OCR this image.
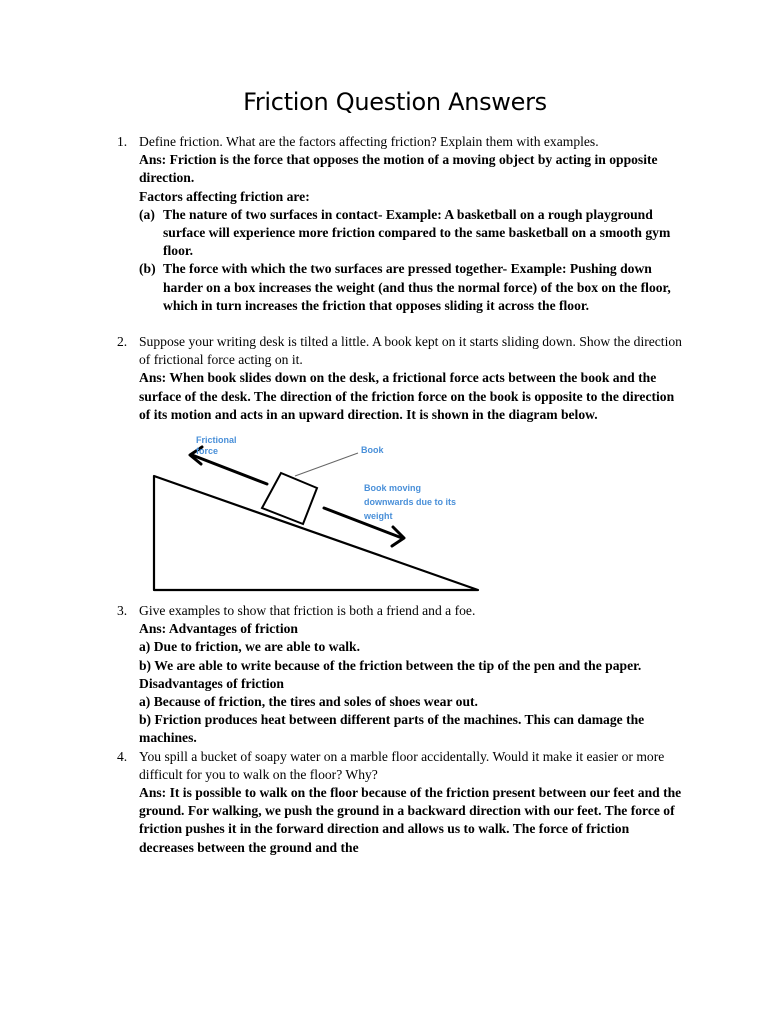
Friction Question Answers
1. Define friction. What are the factors affecting friction? Explain them with examples.
Ans: Friction is the force that opposes the motion of a moving object by acting in opposite direction.
Factors affecting friction are:
(a) The nature of two surfaces in contact- Example: A basketball on a rough playground surface will experience more friction compared to the same basketball on a smooth gym floor.
(b) The force with which the two surfaces are pressed together- Example: Pushing down harder on a box increases the weight (and thus the normal force) of the box on the floor, which in turn increases the friction that opposes sliding it across the floor.
2. Suppose your writing desk is tilted a little. A book kept on it starts sliding down. Show the direction of frictional force acting on it.
Ans: When book slides down on the desk, a frictional force acts between the book and the surface of the desk. The direction of the friction force on the book is opposite to the direction of its motion and acts in an upward direction. It is shown in the diagram below.
Frictional
force	Book
Book moving
downwards due to its
weight
3. Give examples to show that friction is both a friend and a foe.
Ans: Advantages of friction
a) Due to friction, we are able to walk.
b) We are able to write because of the friction between the tip of the pen and the paper.
Disadvantages of friction
a) Because of friction, the tires and soles of shoes wear out.
b) Friction produces heat between different parts of the machines. This can damage the machines.
4. You spill a bucket of soapy water on a marble floor accidentally. Would it make it easier or more difficult for you to walk on the floor? Why?
Ans: It is possible to walk on the floor because of the friction present between our feet and the ground. For walking, we push the ground in a backward direction with our feet. The force of friction pushes it in the forward direction and allows us to walk. The force of friction decreases between the ground and the
